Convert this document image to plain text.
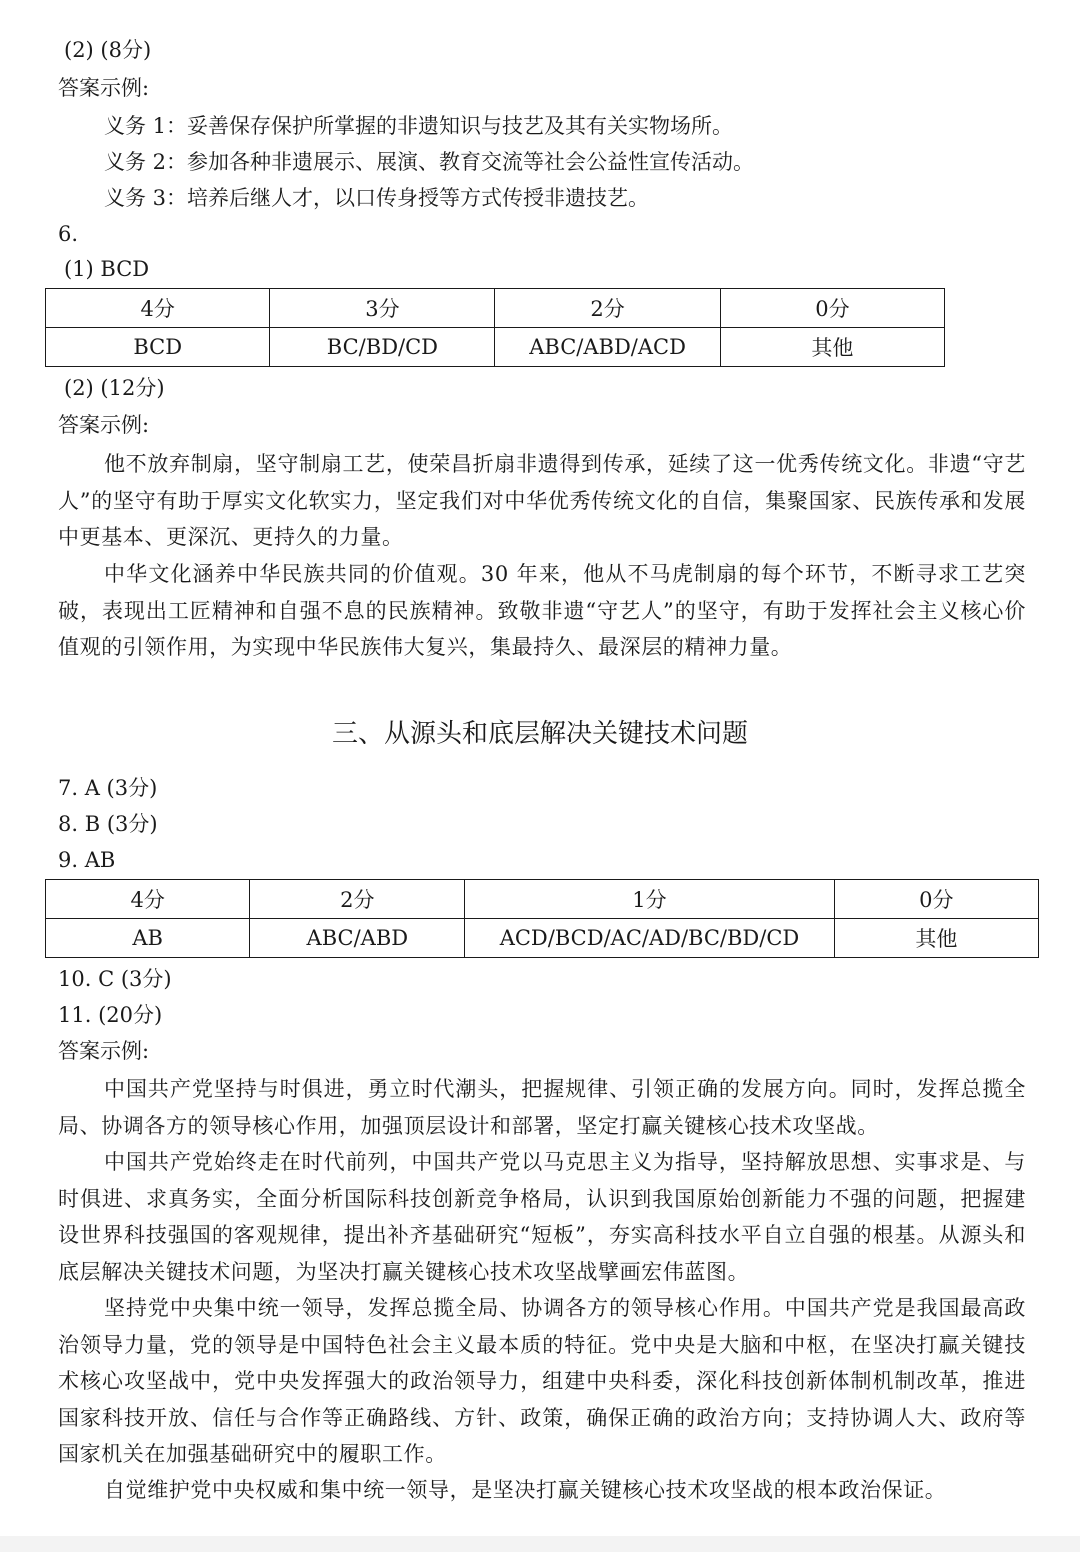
(2) (8分)
答案示例:
义务 1：妥善保存保护所掌握的非遗知识与技艺及其有关实物场所。
义务 2：参加各种非遗展示、展演、教育交流等社会公益性宣传活动。
义务 3：培养后继人才，以口传身授等方式传授非遗技艺。
6.
(1) BCD
4分	3分	2分	0分
BCD	BC/BD/CD	ABC/ABD/ACD	其他
(2) (12分)
答案示例:
他不放弃制扇，坚守制扇工艺，使荣昌折扇非遗得到传承，延续了这一优秀传统文化。非遗“守艺人”的坚守有助于厚实文化软实力，坚定我们对中华优秀传统文化的自信，集聚国家、民族传承和发展中更基本、更深沉、更持久的力量。
中华文化涵养中华民族共同的价值观。30 年来，他从不马虎制扇的每个环节，不断寻求工艺突破，表现出工匠精神和自强不息的民族精神。致敬非遗“守艺人”的坚守，有助于发挥社会主义核心价值观的引领作用，为实现中华民族伟大复兴，集最持久、最深层的精神力量。
三、从源头和底层解决关键技术问题
7. A (3分)
8. B (3分)
9. AB
4分	2分	1分	0分
AB	ABC/ABD	ACD/BCD/AC/AD/BC/BD/CD	其他
10. C (3分)
11. (20分)
答案示例:
中国共产党坚持与时俱进，勇立时代潮头，把握规律、引领正确的发展方向。同时，发挥总揽全局、协调各方的领导核心作用，加强顶层设计和部署，坚定打赢关键核心技术攻坚战。
中国共产党始终走在时代前列，中国共产党以马克思主义为指导，坚持解放思想、实事求是、与时俱进、求真务实，全面分析国际科技创新竞争格局，认识到我国原始创新能力不强的问题，把握建设世界科技强国的客观规律，提出补齐基础研究“短板”，夯实高科技水平自立自强的根基。从源头和底层解决关键技术问题，为坚决打赢关键核心技术攻坚战擘画宏伟蓝图。
坚持党中央集中统一领导，发挥总揽全局、协调各方的领导核心作用。中国共产党是我国最高政治领导力量，党的领导是中国特色社会主义最本质的特征。党中央是大脑和中枢，在坚决打赢关键技术核心攻坚战中，党中央发挥强大的政治领导力，组建中央科委，深化科技创新体制机制改革，推进国家科技开放、信任与合作等正确路线、方针、政策，确保正确的政治方向；支持协调人大、政府等国家机关在加强基础研究中的履职工作。
自觉维护党中央权威和集中统一领导，是坚决打赢关键核心技术攻坚战的根本政治保证。
